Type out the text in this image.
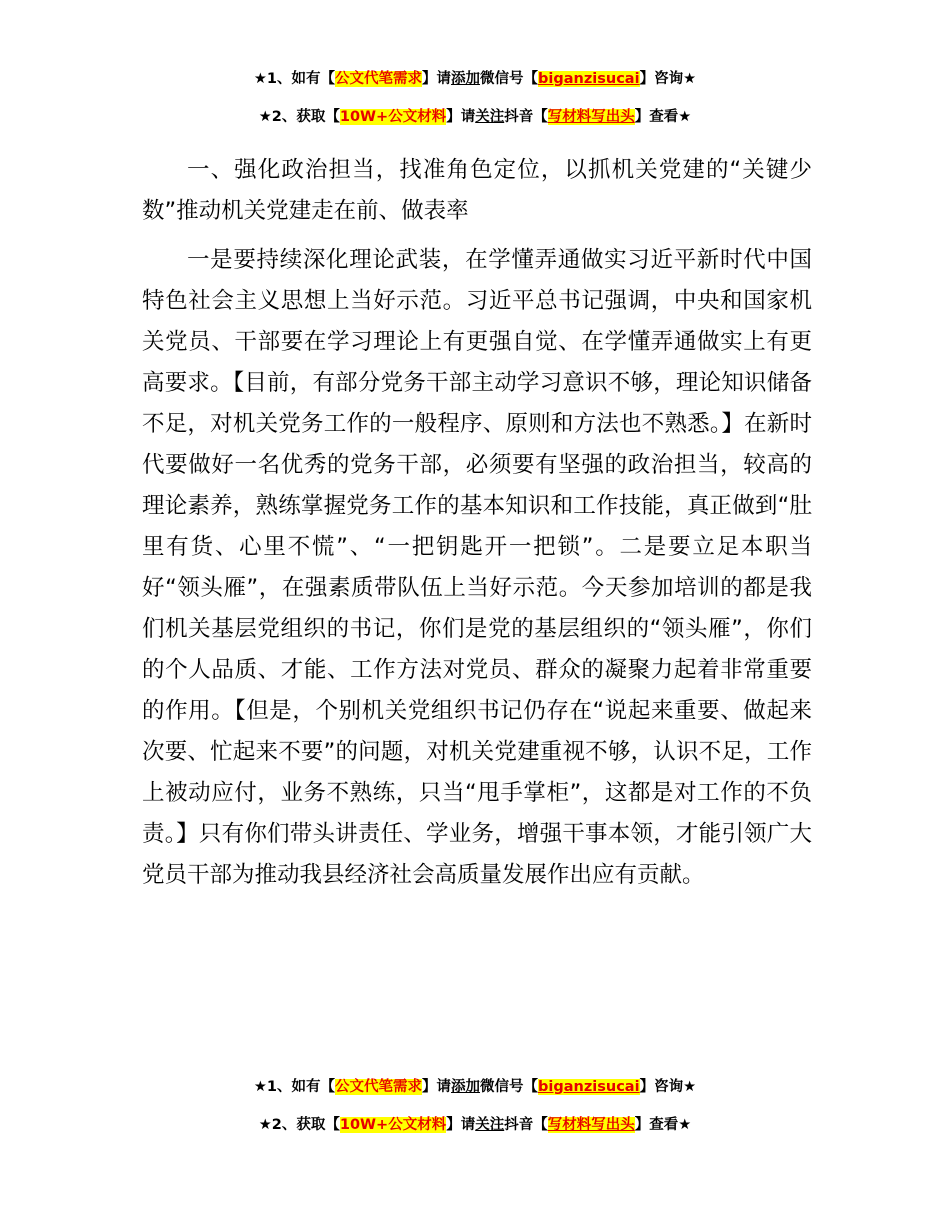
★1、如有【公文代笔需求】请添加微信号【biganzisucai】咨询★
★2、获取【10W+公文材料】请关注抖音【写材料写出头】查看★

一、强化政治担当，找准角色定位，以抓机关党建的“关键少数”推动机关党建走在前、做表率

一是要持续深化理论武装，在学懂弄通做实习近平新时代中国特色社会主义思想上当好示范。习近平总书记强调，中央和国家机关党员、干部要在学习理论上有更强自觉、在学懂弄通做实上有更高要求。【目前，有部分党务干部主动学习意识不够，理论知识储备不足，对机关党务工作的一般程序、原则和方法也不熟悉。】在新时代要做好一名优秀的党务干部，必须要有坚强的政治担当，较高的理论素养，熟练掌握党务工作的基本知识和工作技能，真正做到“肚里有货、心里不慌”、“一把钥匙开一把锁”。二是要立足本职当好“领头雁”，在强素质带队伍上当好示范。今天参加培训的都是我们机关基层党组织的书记，你们是党的基层组织的“领头雁”，你们的个人品质、才能、工作方法对党员、群众的凝聚力起着非常重要的作用。【但是，个别机关党组织书记仍存在“说起来重要、做起来次要、忙起来不要”的问题，对机关党建重视不够，认识不足，工作上被动应付，业务不熟练，只当“甩手掌柜”，这都是对工作的不负责。】只有你们带头讲责任、学业务，增强干事本领，才能引领广大党员干部为推动我县经济社会高质量发展作出应有贡献。

★1、如有【公文代笔需求】请添加微信号【biganzisucai】咨询★
★2、获取【10W+公文材料】请关注抖音【写材料写出头】查看★
